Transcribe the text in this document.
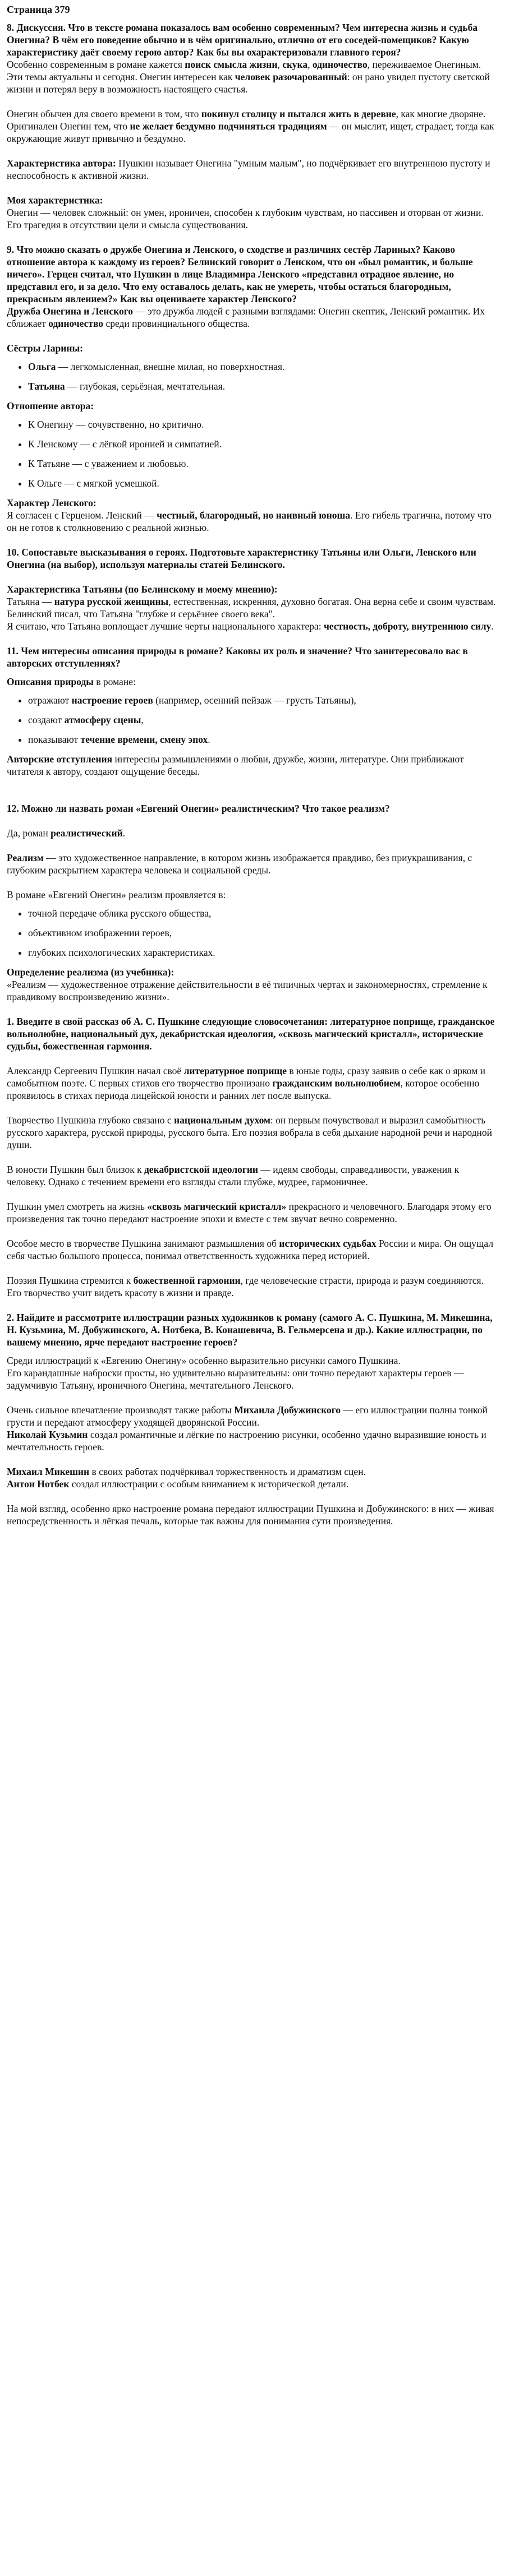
Страница 379
8. Дискуссия. Что в тексте романа показалось вам особенно современным? Чем интересна жизнь и судьба Онегина? В чём его поведение обычно и в чём оригинально, отлично от его соседей-помещиков? Какую характеристику даёт своему герою автор? Как бы вы охарактеризовали главного героя?

Особенно современным в романе кажется поиск смысла жизни, скука, одиночество, переживаемое Онегиным. Эти темы актуальны и сегодня. Онегин интересен как человек разочарованный: он рано увидел пустоту светской жизни и потерял веру в возможность настоящего счастья.

Онегин обычен для своего времени в том, что покинул столицу и пытался жить в деревне, как многие дворяне. Оригинален Онегин тем, что не желает бездумно подчиняться традициям — он мыслит, ищет, страдает, тогда как окружающие живут привычно и бездумно.

Характеристика автора: Пушкин называет Онегина "умным малым", но подчёркивает его внутреннюю пустоту и неспособность к активной жизни.

Моя характеристика:

Онегин — человек сложный: он умен, ироничен, способен к глубоким чувствам, но пассивен и оторван от жизни. Его трагедия в отсутствии цели и смысла существования.

9. Что можно сказать о дружбе Онегина и Ленского, о сходстве и различиях сестёр Лариных? Каково отношение автора к каждому из героев? Белинский говорит о Ленском, что он «был романтик, и больше ничего». Герцен считал, что Пушкин в лице Владимира Ленского «представил отрадное явление, но представил его, и за дело. Что ему оставалось делать, как не умереть, чтобы остаться благородным, прекрасным явлением?» Как вы оцениваете характер Ленского?

Дружба Онегина и Ленского — это дружба людей с разными взглядами: Онегин скептик, Ленский романтик. Их сближает одиночество среди провинциального общества.

Сёстры Ларины:
• Ольга — легкомысленная, внешне милая, но поверхностная.
• Татьяна — глубокая, серьёзная, мечтательная.
Отношение автора:
• К Онегину — сочувственно, но критично.
• К Ленскому — с лёгкой иронией и симпатией.
• К Татьяне — с уважением и любовью.
• К Ольге — с мягкой усмешкой.
Характер Ленского:

Я согласен с Герценом. Ленский — честный, благородный, но наивный юноша. Его гибель трагична, потому что он не готов к столкновению с реальной жизнью.

10. Сопоставьте высказывания о героях. Подготовьте характеристику Татьяны или Ольги, Ленского или Онегина (на выбор), используя материалы статей Белинского.
Характеристика Татьяны (по Белинскому и моему мнению):

Татьяна — натура русской женщины, естественная, искренняя, духовно богатая. Она верна себе и своим чувствам. Белинский писал, что Татьяна "глубже и серьёзнее своего века".

Я считаю, что Татьяна воплощает лучшие черты национального характера: честность, доброту, внутреннюю силу.

11. Чем интересны описания природы в романе? Каковы их роль и значение? Что заинтересовало вас в авторских отступлениях?

Описания природы в романе:

• отражают настроение героев (например, осенний пейзаж — грусть Татьяны),
• создают атмосферу сцены,
• показывают течение времени, смену эпох.

Авторские отступления интересны размышлениями о любви, дружбе, жизни, литературе. Они приближают читателя к автору, создают ощущение беседы.

12. Можно ли назвать роман «Евгений Онегин» реалистическим? Что такое реализм?

Да, роман реалистический.

Реализм — это художественное направление, в котором жизнь изображается правдиво, без приукрашивания, с глубоким раскрытием характера человека и социальной среды.

В романе «Евгений Онегин» реализм проявляется в:

• точной передаче облика русского общества,
• объективном изображении героев,
• глубоких психологических характеристиках.
Определение реализма (из учебника):

«Реализм — художественное отражение действительности в её типичных чертах и закономерностях, стремление к правдивому воспроизведению жизни».

1. Введите в свой рассказ об А. С. Пушкине следующие словосочетания: литературное поприще, гражданское вольнолюбие, национальный дух, декабристская идеология, «сквозь магический кристалл», исторические судьбы, божественная гармония.

Александр Сергеевич Пушкин начал своё литературное поприще в юные годы, сразу заявив о себе как о ярком и самобытном поэте. С первых стихов его творчество пронизано гражданским вольнолюбием, которое особенно проявилось в стихах периода лицейской юности и ранних лет после выпуска.

Творчество Пушкина глубоко связано с национальным духом: он первым почувствовал и выразил самобытность русского характера, русской природы, русского быта. Его поэзия вобрала в себя дыхание народной речи и народной души.

В юности Пушкин был близок к декабристской идеологии — идеям свободы, справедливости, уважения к человеку. Однако с течением времени его взгляды стали глубже, мудрее, гармоничнее.

Пушкин умел смотреть на жизнь «сквозь магический кристалл» прекрасного и человечного. Благодаря этому его произведения так точно передают настроение эпохи и вместе с тем звучат вечно современно.

Особое место в творчестве Пушкина занимают размышления об исторических судьбах России и мира. Он ощущал себя частью большого процесса, понимал ответственность художника перед историей.

Поэзия Пушкина стремится к божественной гармонии, где человеческие страсти, природа и разум соединяются. Его творчество учит видеть красоту в жизни и правде.

2. Найдите и рассмотрите иллюстрации разных художников к роману (самого А. С. Пушкина, М. Микешина, Н. Кузьмина, М. Добужинского, А. Нотбека, В. Конашевича, В. Гельмерсена и др.). Какие иллюстрации, по вашему мнению, ярче передают настроение героев?

Среди иллюстраций к «Евгению Онегину» особенно выразительно рисунки самого Пушкина.

Его карандашные наброски просты, но удивительно выразительны: они точно передают характеры героев — задумчивую Татьяну, ироничного Онегина, мечтательного Ленского.

Очень сильное впечатление производят также работы Михаила Добужинского — его иллюстрации полны тонкой грусти и передают атмосферу уходящей дворянской России.

Николай Кузьмин создал романтичные и лёгкие по настроению рисунки, особенно удачно выразившие юность и мечтательность героев.

Михаил Микешин в своих работах подчёркивал торжественность и драматизм сцен.

Антон Нотбек создал иллюстрации с особым вниманием к исторической детали.

На мой взгляд, особенно ярко настроение романа передают иллюстрации Пушкина и Добужинского: в них — живая непосредственность и лёгкая печаль, которые так важны для понимания сути произведения.
